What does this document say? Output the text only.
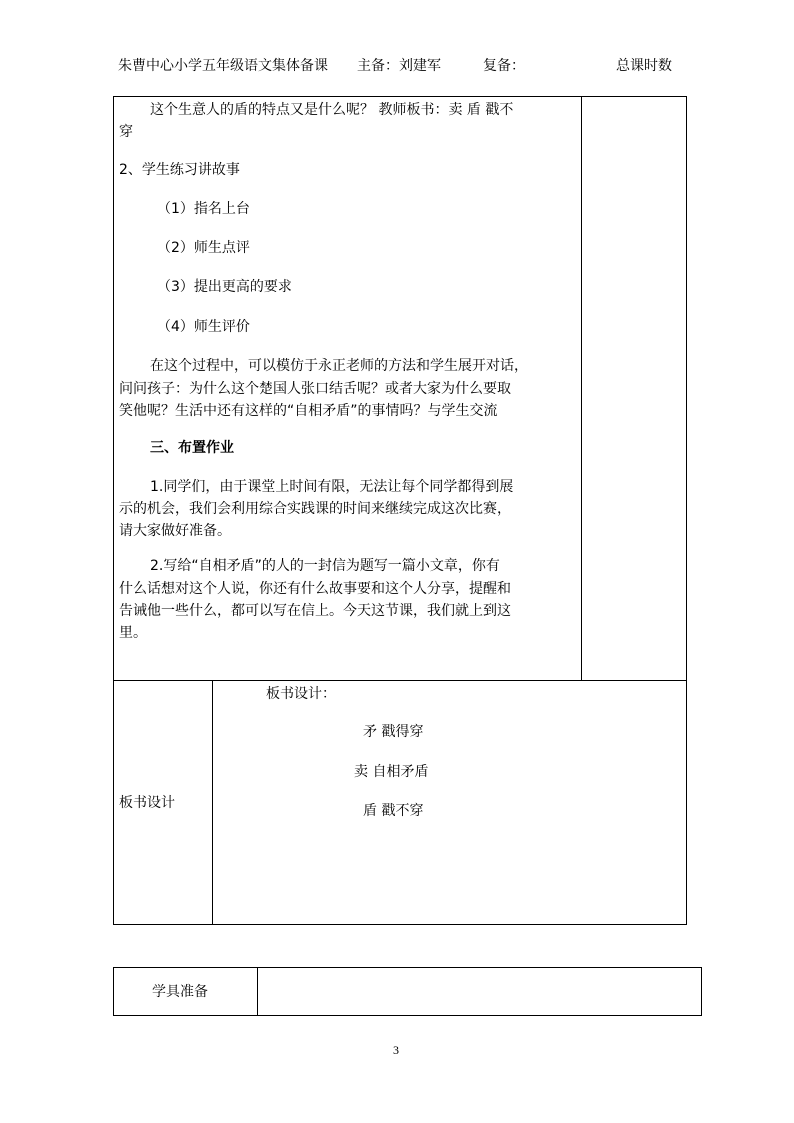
朱曹中心小学五年级语文集体备课 主备：刘建军	复备：	总课时数
这个生意人的盾的特点又是什么呢？ 教师板书：卖 盾 戳不
穿
2、学生练习讲故事
（1）指名上台
（2）师生点评
（3）提出更高的要求
（4）师生评价
在这个过程中，可以模仿于永正老师的方法和学生展开对话，
问问孩子：为什么这个楚国人张口结舌呢？或者大家为什么要取
笑他呢？生活中还有这样的“自相矛盾”的事情吗？与学生交流
三、布置作业
1.同学们，由于课堂上时间有限，无法让每个同学都得到展
示的机会，我们会利用综合实践课的时间来继续完成这次比赛，
请大家做好准备。
2.写给“自相矛盾”的人的一封信为题写一篇小文章，你有
什么话想对这个人说，你还有什么故事要和这个人分享，提醒和
告诫他一些什么，都可以写在信上。今天这节课，我们就上到这
里。
板书设计
板书设计：
矛 戳得穿
卖 自相矛盾
盾 戳不穿
学具准备
3
